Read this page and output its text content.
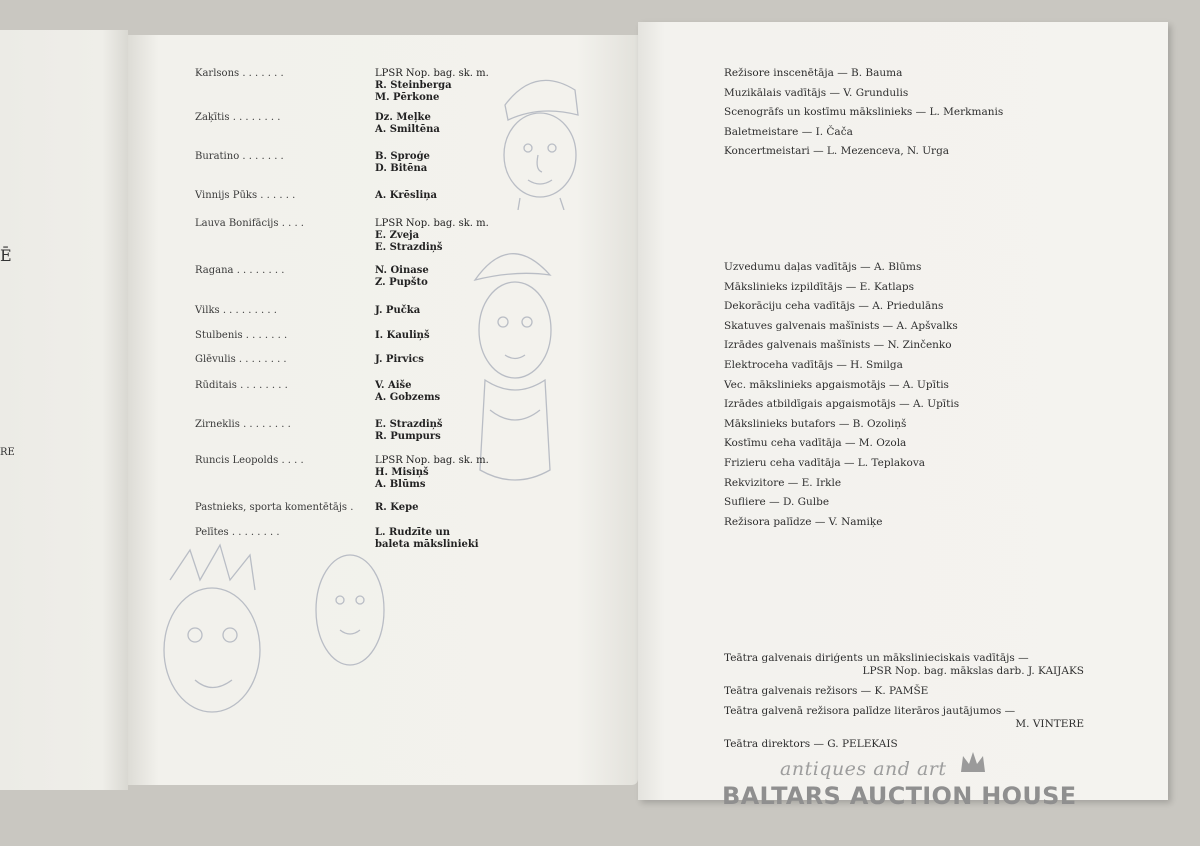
Ē
RE
Karlsons . . . . . . .	LPSR Nop. bag. sk. m.
R. Steinberga
M. Pērkone
Zaķītis . . . . . . . .	Dz. Meļke
A. Smiltēna
Buratino . . . . . . .	B. Sproģe
D. Bitēna
Vinnijs Pūks . . . . . .	A. Krēsliņa
Lauva Bonifācijs . . . .	LPSR Nop. bag. sk. m.
E. Zveja
E. Strazdiņš
Ragana . . . . . . . .	N. Oinase
Z. Pupšto
Vilks . . . . . . . . .	J. Pučka
Stulbenis . . . . . . .	I. Kauliņš
Glēvulis . . . . . . . .	J. Pirvics
Rūditais . . . . . . . .	V. Aiše
A. Gobzems
Zirneklis . . . . . . . .	E. Strazdiņš
R. Pumpurs
Runcis Leopolds . . . .	LPSR Nop. bag. sk. m.
H. Misiņš
A. Blūms
Pastnieks, sporta komentētājs . R. Kepe
Pelītes . . . . . . . .	L. Rudzīte un
baleta mākslinieki
Režisore inscenētāja — B. Bauma
Muzikālais vadītājs — V. Grundulis
Scenogrāfs un kostīmu mākslinieks — L. Merkmanis
Baletmeistare — I. Čača
Koncertmeistari — L. Mezenceva, N. Urga
Uzvedumu daļas vadītājs — A. Blūms
Mākslinieks izpildītājs — E. Katlaps
Dekorāciju ceha vadītājs — A. Priedulāns
Skatuves galvenais mašīnists — A. Apšvalks
Izrādes galvenais mašīnists — N. Zinčenko
Elektroceha vadītājs — H. Smilga
Vec. mākslinieks apgaismotājs — A. Upītis
Izrādes atbildīgais apgaismotājs — A. Upītis
Mākslinieks butafors — B. Ozoliņš
Kostīmu ceha vadītāja — M. Ozola
Frizieru ceha vadītāja — L. Teplakova
Rekvizitore — E. Irkle
Sufliere — D. Gulbe
Režisora palīdze — V. Namiķe
Teātra galvenais diriģents un mākslinieciskais vadītājs —
LPSR Nop. bag. mākslas darb. J. KAIJAKS
Teātra galvenais režisors — K. PAMŠE
Teātra galvenā režisora palīdze literāros jautājumos —
M. VINTERE
Teātra direktors — G. PELEKAIS
antiques and art
BALTARS AUCTION HOUSE
